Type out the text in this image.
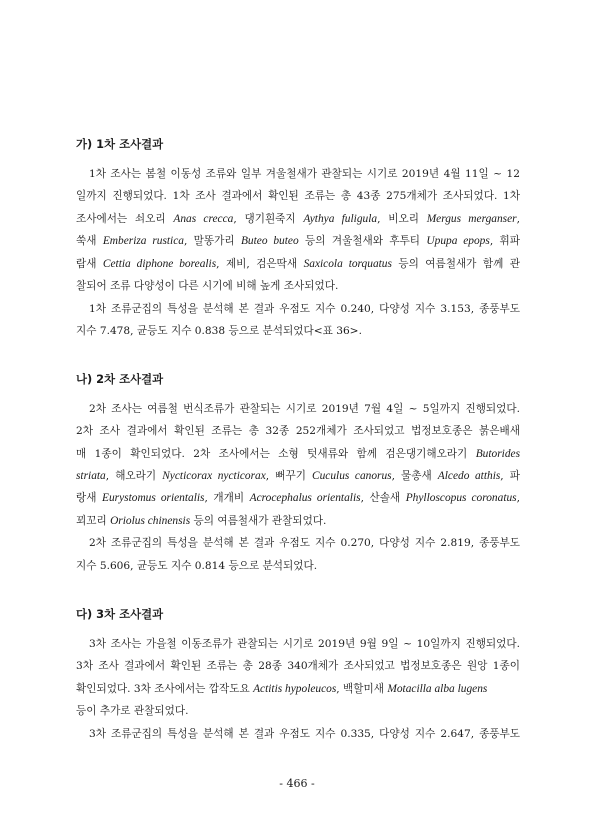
가) 1차 조사결과
1차 조사는 봄철 이동성 조류와 일부 겨울철새가 관찰되는 시기로 2019년 4월 11일 ~ 12
일까지 진행되었다. 1차 조사 결과에서 확인된 조류는 총 43종 275개체가 조사되었다. 1차
조사에서는 쇠오리 Anas crecca, 댕기흰죽지 Aythya fuligula, 비오리 Mergus merganser,
쑥새 Emberiza rustica, 말똥가리 Buteo buteo 등의 겨울철새와 후투티 Upupa epops, 휘파
람새 Cettia diphone borealis, 제비, 검은딱새 Saxicola torquatus 등의 여름철새가 함께 관
찰되어 조류 다양성이 다른 시기에 비해 높게 조사되었다.
1차 조류군집의 특성을 분석해 본 결과 우점도 지수 0.240, 다양성 지수 3.153, 종풍부도
지수 7.478, 균등도 지수 0.838 등으로 분석되었다<표 36>.
나) 2차 조사결과
2차 조사는 여름철 번식조류가 관찰되는 시기로 2019년 7월 4일 ~ 5일까지 진행되었다.
2차 조사 결과에서 확인된 조류는 총 32종 252개체가 조사되었고 법정보호종은 붉은배새
매 1종이 확인되었다. 2차 조사에서는 소형 텃새류와 함께 검은댕기해오라기 Butorides
striata, 해오라기 Nycticorax nycticorax, 뻐꾸기 Cuculus canorus, 물총새 Alcedo atthis, 파
랑새 Eurystomus orientalis, 개개비 Acrocephalus orientalis, 산솔새 Phylloscopus coronatus,
꾀꼬리 Oriolus chinensis 등의 여름철새가 관찰되었다.
2차 조류군집의 특성을 분석해 본 결과 우점도 지수 0.270, 다양성 지수 2.819, 종풍부도
지수 5.606, 균등도 지수 0.814 등으로 분석되었다.
다) 3차 조사결과
3차 조사는 가을철 이동조류가 관찰되는 시기로 2019년 9월 9일 ~ 10일까지 진행되었다.
3차 조사 결과에서 확인된 조류는 총 28종 340개체가 조사되었고 법정보호종은 원앙 1종이
확인되었다. 3차 조사에서는 깝작도요 Actitis hypoleucos, 백할미새 Motacilla alba lugens
등이 추가로 관찰되었다.
3차 조류군집의 특성을 분석해 본 결과 우점도 지수 0.335, 다양성 지수 2.647, 종풍부도
- 466 -
